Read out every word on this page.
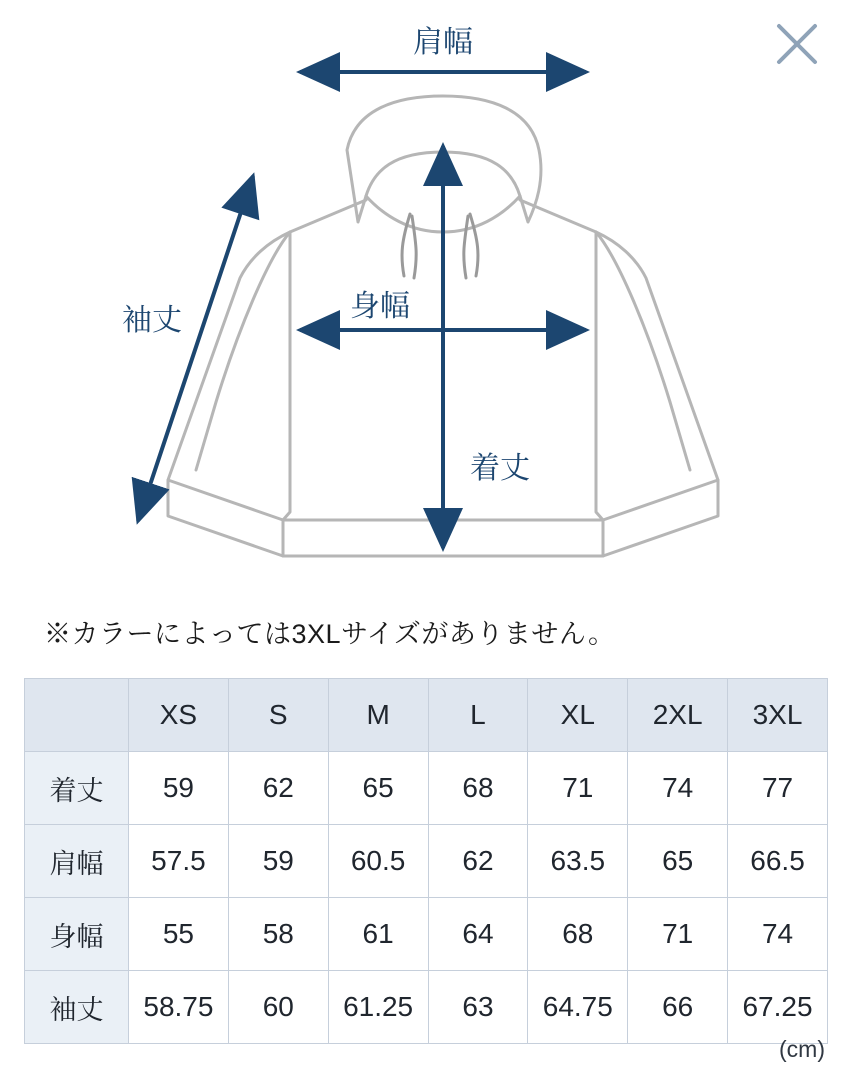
肩幅
袖丈	身幅
着丈
※カラーによっては3XLサイズがありません。
	XS	S	M	L	XL	2XL	3XL
着丈	59	62	65	68	71	74	77
肩幅	57.5	59	60.5	62	63.5	65	66.5
身幅	55	58	61	64	68	71	74
袖丈	58.75	60	61.25	63	64.75	66	67.25
(cm)
